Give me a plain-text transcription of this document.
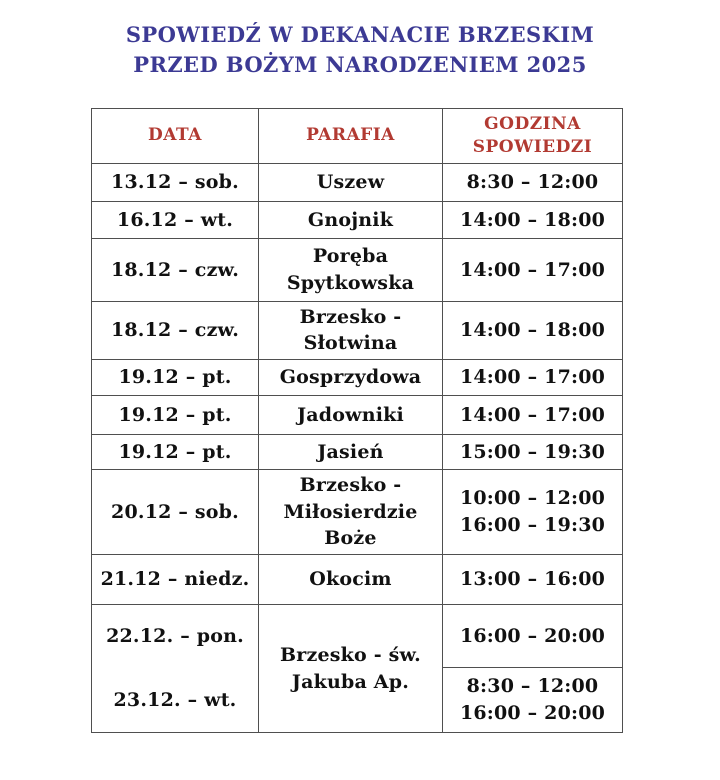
SPOWIEDŹ W DEKANACIE BRZESKIM
PRZED BOŻYM NARODZENIEM 2025
DATA	PARAFIA	GODZINA SPOWIEDZI
13.12 – sob.	Uszew	8:30 – 12:00

16.12 – wt.	Gnojnik	14:00 – 18:00

18.12 – czw.	Poręba Spytkowska	14:00 – 17:00

18.12 – czw.	Brzesko - Słotwina	14:00 – 18:00

19.12 – pt.	Gosprzydowa	14:00 – 17:00

19.12 – pt.	Jadowniki	14:00 – 17:00

19.12 – pt.	Jasień	15:00 – 19:30

20.12 – sob.	Brzesko - Miłosierdzie Boże	10:00 – 12:00
16:00 – 19:30

21.12 – niedz.	Okocim	13:00 – 16:00

22.12. – pon.	Brzesko - św. Jakuba Ap.	16:00 – 20:00

23.12. – wt.		8:30 – 12:00
16:00 – 20:00
